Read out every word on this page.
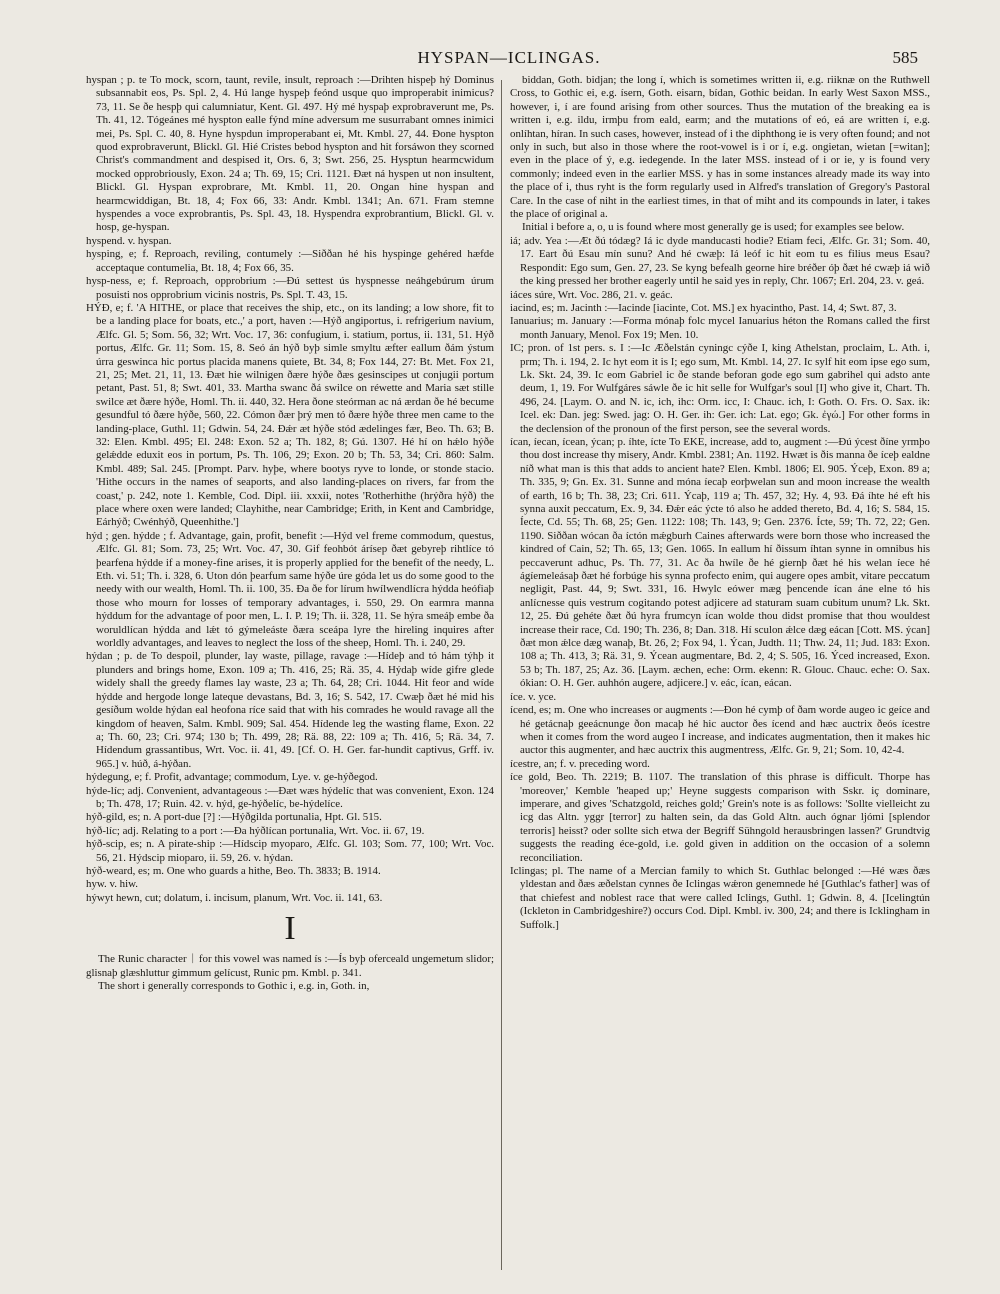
HYSPAN—ICLINGAS.	585

hyspan ; p. te To mock, scorn, taunt, revile, insult, reproach :—Drihten hispeþ hý Dominus subsannabit eos, Ps. Spl. 2, 4. Hú lange hyspeþ feónd usque quo improperabit inimicus? 73, 11. Se ðe hespþ qui calumniatur, Kent. Gl. 497. Hý mé hyspaþ exprobraverunt me, Ps. Th. 41, 12. Tógeánes mé hyspton ealle fýnd míne adversum me susurrabant omnes inimici mei, Ps. Spl. C. 40, 8. Hyne hyspdun improperabant ei, Mt. Kmbl. 27, 44. Ðone hyspton quod exprobraverunt, Blickl. Gl. Hié Cristes bebod hyspton and hit forsáwon they scorned Christ's commandment and despised it, Ors. 6, 3; Swt. 256, 25. Hysptun hearmcwidum mocked opprobriously, Exon. 24 a; Th. 69, 15; Cri. 1121. Ðæt ná hyspen ut non insultent, Blickl. Gl. Hyspan exprobrare, Mt. Kmbl. 11, 20. Ongan hine hyspan and hearmcwiddigan, Bt. 18, 4; Fox 66, 33: Andr. Kmbl. 1341; An. 671. Fram stemne hyspendes a voce exprobrantis, Ps. Spl. 43, 18. Hyspendra exprobrantium, Blickl. Gl. v. hosp, ge-hyspan.

hyspend. v. hyspan.

hysping, e; f. Reproach, reviling, contumely :—Siððan hé his hyspinge gehéred hæfde acceptaque contumelia, Bt. 18, 4; Fox 66, 35.

hysp-ness, e; f. Reproach, opprobrium :—Ðú settest ús hyspnesse neáhgebúrum úrum posuisti nos opprobrium vicinis nostris, Ps. Spl. T. 43, 15.

HÝÐ, e; f. 'A HITHE, or place that receives the ship, etc., on its landing; a low shore, fit to be a landing place for boats, etc.,' a port, haven :—Hýð angiportus, i. refrigerium navium, Ælfc. Gl. 5; Som. 56, 32; Wrt. Voc. 17, 36: confugium, i. statium, portus, ii. 131, 51. Hýð portus, Ælfc. Gr. 11; Som. 15, 8. Seó án hýð byþ simle smyltu æfter eallum ðám ýstum úrra geswinca hic portus placida manens quiete, Bt. 34, 8; Fox 144, 27: Bt. Met. Fox 21, 21, 25; Met. 21, 11, 13. Ðæt hie wilnigen ðære hýðe ðæs gesinscipes ut conjugii portum petant, Past. 51, 8; Swt. 401, 33. Martha swanc ðá swilce on réwette and Maria sæt stille swilce æt ðære hýðe, Homl. Th. ii. 440, 32. Hera ðone steórman ac ná ærdan ðe hé becume gesundful tó ðære hýðe, 560, 22. Cómon ðær þrý men tó ðære hýðe three men came to the landing-place, Guthl. 11; Gdwin. 54, 24. Ðǽr æt hýðe stód ædelinges fær, Beo. Th. 63; B. 32: Elen. Kmbl. 495; El. 248: Exon. 52 a; Th. 182, 8; Gú. 1307. Hé hí on hǽlo hýðe gelǽdde eduxit eos in portum, Ps. Th. 106, 29; Exon. 20 b; Th. 53, 34; Cri. 860: Salm. Kmbl. 489; Sal. 245. [Prompt. Parv. hyþe, where bootys ryve to londe, or stonde stacio. 'Hithe occurs in the names of seaports, and also landing-places on rivers, far from the coast,' p. 242, note 1. Kemble, Cod. Dipl. iii. xxxii, notes 'Rotherhithe (hrýðra hýð) the place where oxen were landed; Clayhithe, near Cambridge; Erith, in Kent and Cambridge, Eárhýð; Cwénhýð, Queenhithe.']

hýd ; gen. hýdde ; f. Advantage, gain, profit, benefit :—Hýd vel freme commodum, questus, Ælfc. Gl. 81; Som. 73, 25; Wrt. Voc. 47, 30. Gif feohbót árísep ðæt gebyreþ rihtlíce tó þearfena hýdde if a money-fine arises, it is properly applied for the benefit of the needy, L. Eth. vi. 51; Th. i. 328, 6. Uton dón þearfum same hýðe úre góda let us do some good to the needy with our wealth, Homl. Th. ii. 100, 35. Ða ðe for lírum hwílwendlícra hýdda heófiaþ those who mourn for losses of temporary advantages, i. 550, 29. On earmra manna hýddum for the advantage of poor men, L. I. P. 19; Th. ii. 328, 11. Se hýra smeáþ embe ða woruldlícan hýdda and lǽt tó gýmeleáste ðæra sceápa lyre the hireling inquires after worldly advantages, and leaves to neglect the loss of the sheep, Homl. Th. i. 240, 29.

hýdan ; p. de To despoil, plunder, lay waste, pillage, ravage :—Hídeþ and tó hám týhþ it plunders and brings home, Exon. 109 a; Th. 416, 25; Rä. 35, 4. Hýdaþ wíde gifre glede widely shall the greedy flames lay waste, 23 a; Th. 64, 28; Cri. 1044. Hit feor and wíde hýdde and hergode longe lateque devastans, Bd. 3, 16; S. 542, 17. Cwæþ ðæt hé mid his gesíðum wolde hýdan eal heofona ríce said that with his comrades he would ravage all the kingdom of heaven, Salm. Kmbl. 909; Sal. 454. Hídende leg the wasting flame, Exon. 22 a; Th. 60, 23; Cri. 974; 130 b; Th. 499, 28; Rä. 88, 22: 109 a; Th. 416, 5; Rä. 34, 7. Hídendum grassantibus, Wrt. Voc. ii. 41, 49. [Cf. O. H. Ger. far-hundit captivus, Grff. iv. 965.] v. húð, á-hýðan.

hýdegung, e; f. Profit, advantage; commodum, Lye. v. ge-hýðegod.

hýde-líc; adj. Convenient, advantageous :—Ðæt wæs hýdelíc that was convenient, Exon. 124 b; Th. 478, 17; Ruin. 42. v. hýd, ge-hýðelíc, be-hýdelíce.

hýð-gild, es; n. A port-due [?] :—Hýðgilda portunalia, Hpt. Gl. 515.

hýð-líc; adj. Relating to a port :—Ða hýðlícan portunalia, Wrt. Voc. ii. 67, 19.

hýð-scip, es; n. A pirate-ship :—Hídscip myoparo, Ælfc. Gl. 103; Som. 77, 100; Wrt. Voc. 56, 21. Hýdscip mioparo, ii. 59, 26. v. hýdan.

hýð-weard, es; m. One who guards a hithe, Beo. Th. 3833; B. 1914.

hyw. v. hiw.

hýwyt hewn, cut; dolatum, i. incisum, planum, Wrt. Voc. ii. 141, 63.

I

The Runic character ᛁ for this vowel was named ís :—Ís byþ oferceald ungemetum slidor; glisnaþ glæshluttur gimmum gelícust, Runic pm. Kmbl. p. 341.

The short i generally corresponds to Gothic i, e.g. in, Goth. in,

biddan, Goth. bidjan; the long í, which is sometimes written ii, e.g. riiknæ on the Ruthwell Cross, to Gothic ei, e.g. ísern, Goth. eisarn, bídan, Gothic beidan. In early West Saxon MSS., however, i, í are found arising from other sources. Thus the mutation of the breaking ea is written i, e.g. ildu, irmþu from eald, earm; and the mutations of eó, eá are written í, e.g. onlíhtan, híran. In such cases, however, instead of i the diphthong ie is very often found; and not only in such, but also in those where the root-vowel is i or í, e.g. ongietan, wietan [=witan]; even in the place of ý, e.g. iedegende. In the later MSS. instead of i or ie, y is found very commonly; indeed even in the earlier MSS. y has in some instances already made its way into the place of i, thus ryht is the form regularly used in Alfred's translation of Gregory's Pastoral Care. In the case of niht in the earliest times, in that of miht and its compounds in later, i takes the place of original a.

Initial i before a, o, u is found where most generally ge is used; for examples see below.

iá; adv. Yea :—Æt ðú tódæg? Iá ic dyde manducasti hodie? Etiam feci, Ælfc. Gr. 31; Som. 40, 17. Eart ðú Esau mín sunu? And hé cwæþ: Iá leóf ic hit eom tu es filius meus Esau? Respondit: Ego sum, Gen. 27, 23. Se kyng befealh georne hire bréðer óþ ðæt hé cwæþ iá wið the king pressed her brother eagerly until he said yes in reply, Chr. 1067; Erl. 204, 23. v. geá.

iáces súre, Wrt. Voc. 286, 21. v. geác.

iacind, es; m. Jacinth :—Iacinde [iacinte, Cot. MS.] ex hyacintho, Past. 14, 4; Swt. 87, 3.

Ianuarius; m. January :—Forma mónaþ folc mycel Ianuarius héton the Romans called the first month January, Menol. Fox 19; Men. 10.

IC; pron. of 1st pers. s. I :—Ic Æðelstán cyningc cýðe I, king Athelstan, proclaim, L. Ath. i, prm; Th. i. 194, 2. Ic hyt eom it is I; ego sum, Mt. Kmbl. 14, 27. Ic sylf hit eom ipse ego sum, Lk. Skt. 24, 39. Ic eom Gabriel ic ðe stande beforan gode ego sum gabrihel qui adsto ante deum, 1, 19. For Wulfgáres sáwle ðe ic hit selle for Wulfgar's soul [I] who give it, Chart. Th. 496, 24. [Laym. O. and N. ic, ich, ihc: Orm. icc, I: Chauc. ich, I: Goth. O. Frs. O. Sax. ik: Icel. ek: Dan. jeg: Swed. jag: O. H. Ger. ih: Ger. ich: Lat. ego; Gk. ἐγώ.] For other forms in the declension of the pronoun of the first person, see the several words.

ícan, íecan, ícean, ýcan; p. íhte, ícte To EKE, increase, add to, augment :—Ðú ýcest ðíne yrmþo thou dost increase thy misery, Andr. Kmbl. 2381; An. 1192. Hwæt is ðis manna ðe íceþ ealdne níð what man is this that adds to ancient hate? Elen. Kmbl. 1806; El. 905. Ýceþ, Exon. 89 a; Th. 335, 9; Gn. Ex. 31. Sunne and móna íecaþ eorþwelan sun and moon increase the wealth of earth, 16 b; Th. 38, 23; Cri. 611. Ýcaþ, 119 a; Th. 457, 32; Hy. 4, 93. Ðá íhte hé eft his synna auxit peccatum, Ex. 9, 34. Ðǽr eác ýcte tó also he added thereto, Bd. 4, 16; S. 584, 15. Íecte, Cd. 55; Th. 68, 25; Gen. 1122: 108; Th. 143, 9; Gen. 2376. Ícte, 59; Th. 72, 22; Gen. 1190. Siððan wócan ða íctón mǽgburh Caines afterwards were born those who increased the kindred of Cain, 52; Th. 65, 13; Gen. 1065. In eallum hí ðissum íhtan synne in omnibus his peccaverunt adhuc, Ps. Th. 77, 31. Ac ða hwíle ðe hé giernþ ðæt hé his welan íece hé ágíemeleásaþ ðæt hé forbúge his synna profecto enim, qui augere opes ambit, vitare peccatum negligit, Past. 44, 9; Swt. 331, 16. Hwylc eówer mæg þencende ícan áne elne tó his anlícnesse quis vestrum cogitando potest adjicere ad staturam suam cubitum unum? Lk. Skt. 12, 25. Ðú gehéte ðæt ðú hyra frumcyn ícan wolde thou didst promise that thou wouldest increase their race, Cd. 190; Th. 236, 8; Dan. 318. Hí sculon ǽlce dæg eácan [Cott. MS. ýcan] ðæt mon ǽlce dæg wanaþ, Bt. 26, 2; Fox 94, 1. Ýcan, Judth. 11; Thw. 24, 11; Jud. 183: Exon. 108 a; Th. 413, 3; Rä. 31, 9. Ýcean augmentare, Bd. 2, 4; S. 505, 16. Ýced increased, Exon. 53 b; Th. 187, 25; Az. 36. [Laym. æchen, eche: Orm. ekenn: R. Glouc. Chauc. eche: O. Sax. ókian: O. H. Ger. auhhón augere, adjicere.] v. eác, ícan, eácan.

íce. v. yce.

ícend, es; m. One who increases or augments :—Ðon hé cymþ of ðam worde augeo ic geíce and hé getácnaþ geeácnunge ðon macaþ hé hic auctor ðes ícend and hæc auctrix ðeós ícestre when it comes from the word augeo I increase, and indicates augmentation, then it makes hic auctor this augmenter, and hæc auctrix this augmentress, Ælfc. Gr. 9, 21; Som. 10, 42-4.

ícestre, an; f. v. preceding word.

íce gold, Beo. Th. 2219; B. 1107. The translation of this phrase is difficult. Thorpe has 'moreover,' Kemble 'heaped up;' Heyne suggests comparison with Sskr. iç dominare, imperare, and gives 'Schatzgold, reiches gold;' Grein's note is as follows: 'Sollte vielleicht zu icg das Altn. yggr [terror] zu halten sein, da das Gold Altn. auch ógnar ljómi [splendor terroris] heisst? oder sollte sich etwa der Begriff Sühngold herausbringen lassen?' Grundtvig suggests the reading éce-gold, i.e. gold given in addition on the occasion of a solemn reconciliation.

Iclingas; pl. The name of a Mercian family to which St. Guthlac belonged :—Hé wæs ðæs yldestan and ðæs æðelstan cynnes ðe Iclingas wǽron genemnede hé [Guthlac's father] was of that chiefest and noblest race that were called Iclings, Guthl. 1; Gdwin. 8, 4. [Icelingtún (Ickleton in Cambridgeshire?) occurs Cod. Dipl. Kmbl. iv. 300, 24; and there is Icklingham in Suffolk.]
